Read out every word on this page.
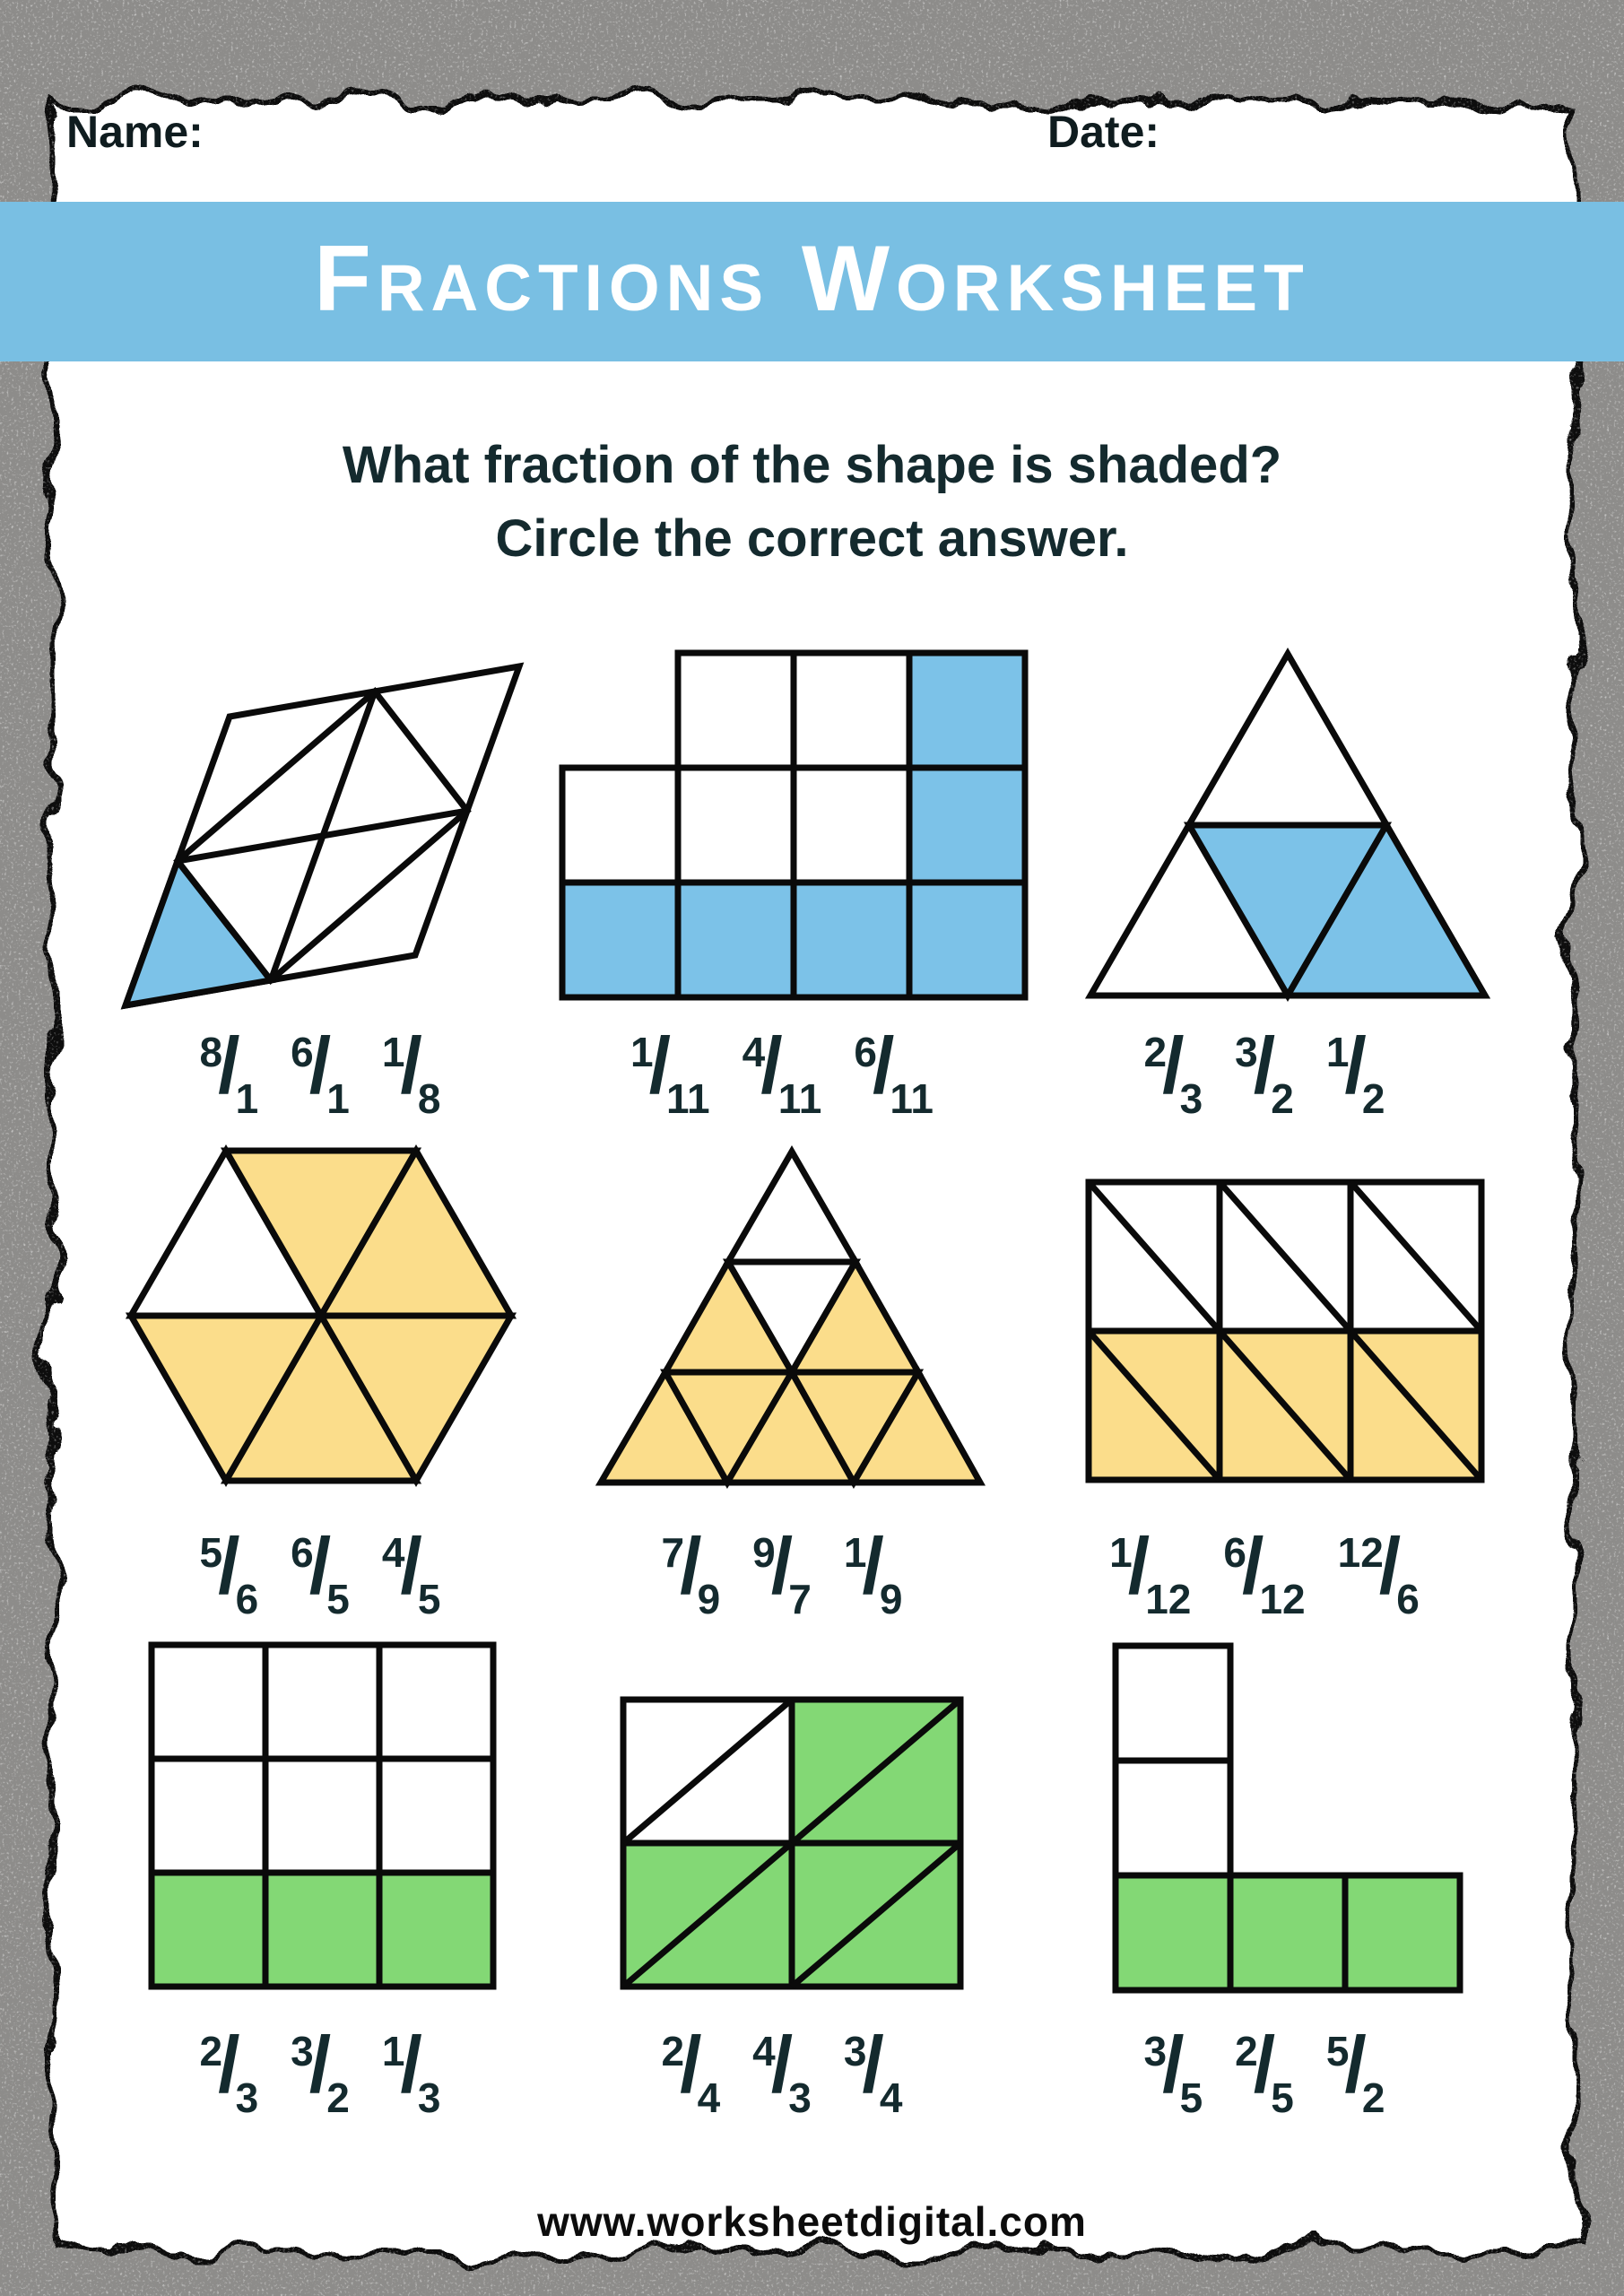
Name:	Date:
Fractions Worksheet
What fraction of the shape is shaded?
Circle the correct answer.
8
/
1
6
/
1
1
/
8
1
/
11
4
/
11
6
/
11
2
/
3
3
/
2
1
/
2
5
/
6
6
/
5
4
/
5
7
/
9
9
/
7
1
/
9
1
/
12
6
/
12
12
/
6
2
/
3
3
/
2
1
/
3
2
/
4
4
/
3
3
/
4
3
/
5
2
/
5
5
/
2
www.worksheetdigital.com
